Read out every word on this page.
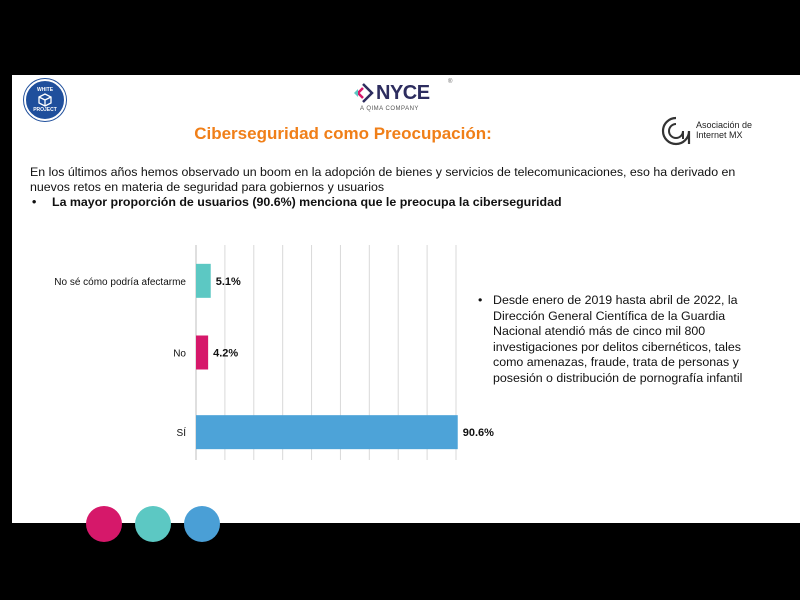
WHITE
PROJECT
NYCE	®
A QIMA COMPANY
Asociación de
Internet MX
Ciberseguridad como Preocupación:
En los últimos años hemos observado un boom en la adopción de bienes y servicios de telecomunicaciones, eso ha derivado en nuevos retos en materia de seguridad para gobiernos y usuarios
• La mayor proporción de usuarios (90.6%) menciona que le preocupa la ciberseguridad
No sé cómo podría afectarme	5.1%
No 4.2%
SÍ	90.6%
• Desde enero de 2019 hasta abril de 2022, la Dirección General Científica de la Guardia Nacional atendió más de cinco mil 800 investigaciones por delitos cibernéticos, tales como amenazas, fraude, trata de personas y posesión o distribución de pornografía infantil
